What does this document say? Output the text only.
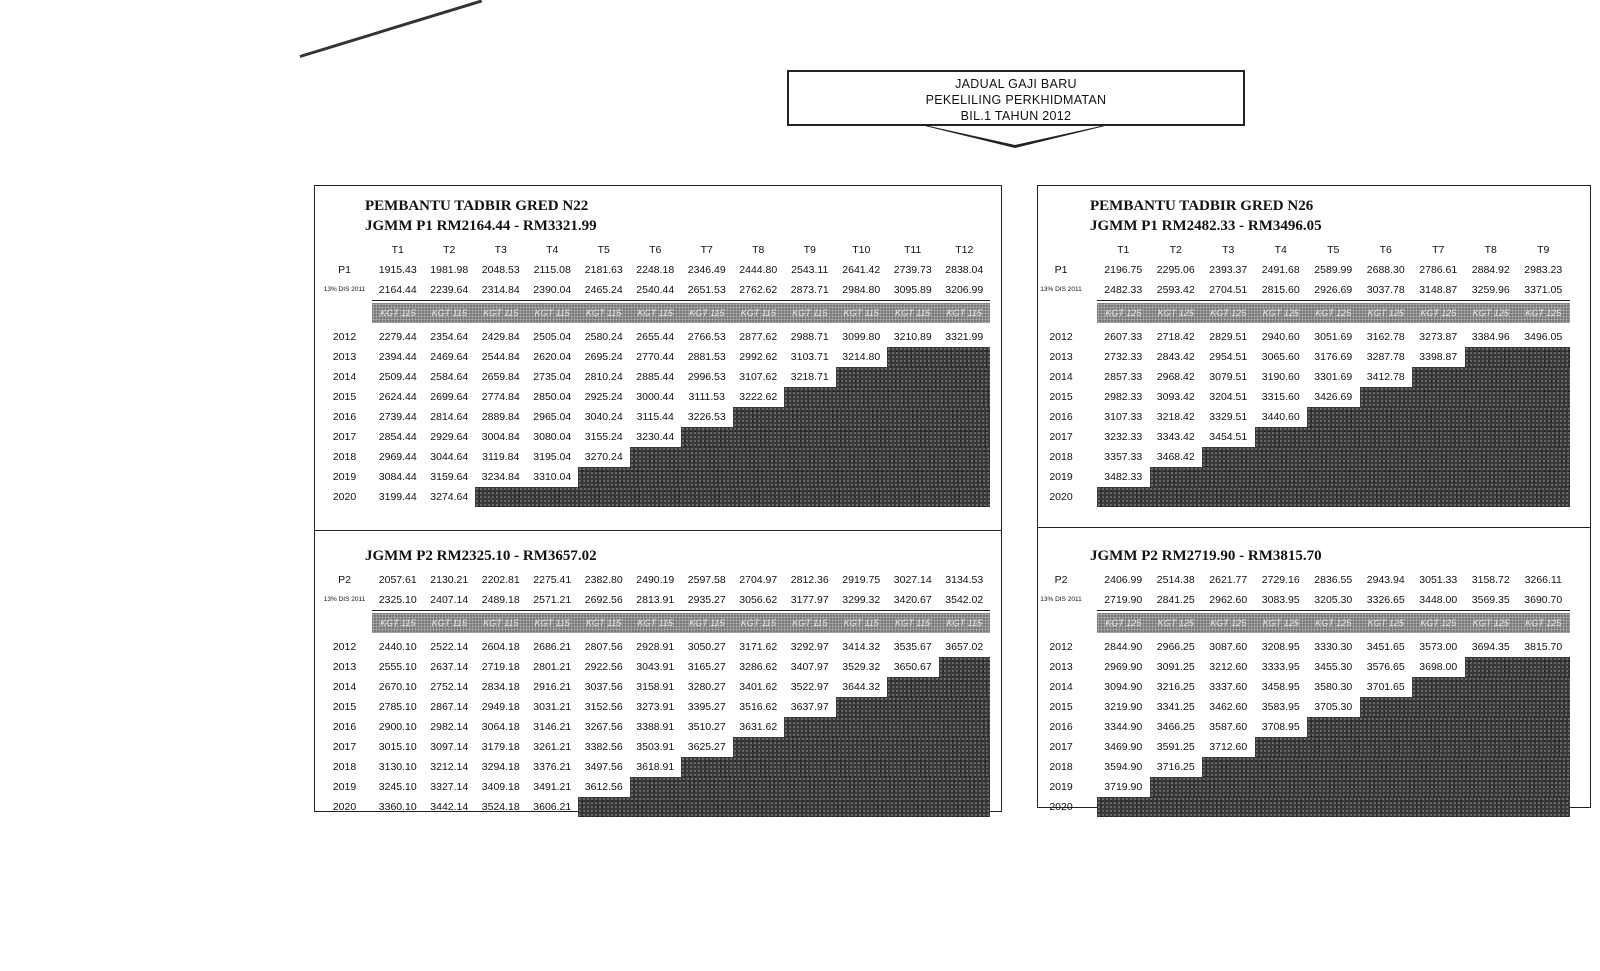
JADUAL GAJI BARU
PEKELILING PERKHIDMATAN
BIL.1 TAHUN 2012
PEMBANTU TADBIR GRED N22
JGMM P1 RM2164.44 - RM3321.99
T1	T2	T3	T4	T5	T6	T7	T8	T9	T10	T11	T12
P1	1915.43	1981.98	2048.53	2115.08	2181.63	2248.18	2346.49	2444.80	2543.11	2641.42	2739.73	2838.04
13% DIS 2011	2164.44	2239.64	2314.84	2390.04	2465.24	2540.44	2651.53	2762.62	2873.71	2984.80	3095.89	3206.99
KGT 115	KGT 115	KGT 115	KGT 115	KGT 115	KGT 115	KGT 115	KGT 115	KGT 115	KGT 115	KGT 115	KGT 115
2012	2279.44	2354.64	2429.84	2505.04	2580.24	2655.44	2766.53	2877.62	2988.71	3099.80	3210.89	3321.99
2013	2394.44	2469.64	2544.84	2620.04	2695.24	2770.44	2881.53	2992.62	3103.71	3214.80
2014	2509.44	2584.64	2659.84	2735.04	2810.24	2885.44	2996.53	3107.62	3218.71
2015	2624.44	2699.64	2774.84	2850.04	2925.24	3000.44	3111.53	3222.62
2016	2739.44	2814.64	2889.84	2965.04	3040.24	3115.44	3226.53
2017	2854.44	2929.64	3004.84	3080.04	3155.24	3230.44
2018	2969.44	3044.64	3119.84	3195.04	3270.24
2019	3084.44	3159.64	3234.84	3310.04
2020	3199.44	3274.64
JGMM P2 RM2325.10 - RM3657.02
P2	2057.61	2130.21	2202.81	2275.41	2382.80	2490.19	2597.58	2704.97	2812.36	2919.75	3027.14	3134.53
13% DIS 2011	2325.10	2407.14	2489.18	2571.21	2692.56	2813.91	2935.27	3056.62	3177.97	3299.32	3420.67	3542.02
KGT 115	KGT 115	KGT 115	KGT 115	KGT 115	KGT 115	KGT 115	KGT 115	KGT 115	KGT 115	KGT 115	KGT 115
2012	2440.10	2522.14	2604.18	2686.21	2807.56	2928.91	3050.27	3171.62	3292.97	3414.32	3535.67	3657.02
2013	2555.10	2637.14	2719.18	2801.21	2922.56	3043.91	3165.27	3286.62	3407.97	3529.32	3650.67
2014	2670.10	2752.14	2834.18	2916.21	3037.56	3158.91	3280.27	3401.62	3522.97	3644.32
2015	2785.10	2867.14	2949.18	3031.21	3152.56	3273.91	3395.27	3516.62	3637.97
2016	2900.10	2982.14	3064.18	3146.21	3267.56	3388.91	3510.27	3631.62
2017	3015.10	3097.14	3179.18	3261.21	3382.56	3503.91	3625.27
2018	3130.10	3212.14	3294.18	3376.21	3497.56	3618.91
2019	3245.10	3327.14	3409.18	3491.21	3612.56
2020	3360.10	3442.14	3524.18	3606.21
PEMBANTU TADBIR GRED N26
JGMM P1 RM2482.33 - RM3496.05
T1	T2	T3	T4	T5	T6	T7	T8	T9
P1	2196.75	2295.06	2393.37	2491.68	2589.99	2688.30	2786.61	2884.92	2983.23
13% DIS 2011	2482.33	2593.42	2704.51	2815.60	2926.69	3037.78	3148.87	3259.96	3371.05
KGT 125	KGT 125	KGT 125	KGT 125	KGT 125	KGT 125	KGT 125	KGT 125	KGT 125
2012	2607.33	2718.42	2829.51	2940.60	3051.69	3162.78	3273.87	3384.96	3496.05
2013	2732.33	2843.42	2954.51	3065.60	3176.69	3287.78	3398.87
2014	2857.33	2968.42	3079.51	3190.60	3301.69	3412.78
2015	2982.33	3093.42	3204.51	3315.60	3426.69
2016	3107.33	3218.42	3329.51	3440.60
2017	3232.33	3343.42	3454.51
2018	3357.33	3468.42
2019	3482.33
2020
JGMM P2 RM2719.90 - RM3815.70
P2	2406.99	2514.38	2621.77	2729.16	2836.55	2943.94	3051.33	3158.72	3266.11
13% DIS 2011	2719.90	2841.25	2962.60	3083.95	3205.30	3326.65	3448.00	3569.35	3690.70
KGT 125	KGT 125	KGT 125	KGT 125	KGT 125	KGT 125	KGT 125	KGT 125	KGT 125
2012	2844.90	2966.25	3087.60	3208.95	3330.30	3451.65	3573.00	3694.35	3815.70
2013	2969.90	3091.25	3212.60	3333.95	3455.30	3576.65	3698.00
2014	3094.90	3216.25	3337.60	3458.95	3580.30	3701.65
2015	3219.90	3341.25	3462.60	3583.95	3705.30
2016	3344.90	3466.25	3587.60	3708.95
2017	3469.90	3591.25	3712.60
2018	3594.90	3716.25
2019	3719.90
2020
